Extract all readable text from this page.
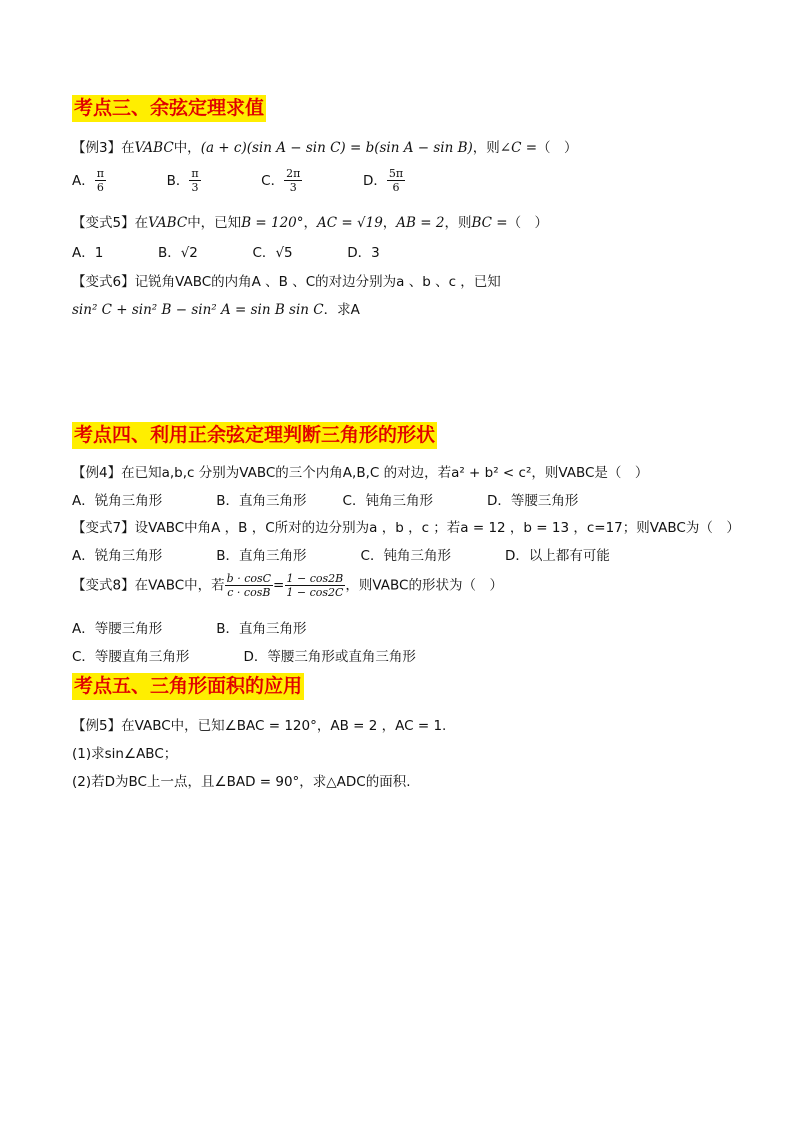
考点三、余弦定理求值
【例3】在VABC中，(a + c)(sin A − sin C) = b(sin A − sin B)，则∠C =（　）
A． $\frac{\pi}{6}$	B． $\frac{\pi}{3}$	C． $\frac{2\pi}{3}$	D． $\frac{5\pi}{6}$
【变式5】在VABC中，已知B = 120°，AC = √19，AB = 2，则BC =（　）
A．1	B．√2	C．√5	D．3
【变式6】记锐角VABC的内角A 、B 、C的对边分别为a 、b 、c ，已知
sin² C + sin² B − sin² A = sin B sin C．求A
考点四、利用正余弦定理判断三角形的形状
【例4】在已知a,b,c 分别为VABC的三个内角A,B,C 的对边，若a² + b² < c²，则VABC是（　）
A．锐角三角形	B．直角三角形	C．钝角三角形	D．等腰三角形
【变式7】设VABC中角A ，B ，C所对的边分别为a ，b ，c ；若a = 12 ，b = 13 ，c=17；则VABC为（　）
A．锐角三角形	B．直角三角形	C．钝角三角形	D．以上都有可能
【变式8】在VABC中，若 $\frac{b \cdot \cos C}{c \cdot \cos B} = \frac{1 - \cos 2B}{1 - \cos 2C}$ ，则VABC的形状为（　）
A．等腰三角形	B．直角三角形
C．等腰直角三角形	D．等腰三角形或直角三角形
考点五、三角形面积的应用
【例5】在VABC中，已知∠BAC = 120°，AB = 2 ，AC = 1.
(1)求sin∠ABC；
(2)若D为BC上一点，且∠BAD = 90°，求△ADC的面积.
